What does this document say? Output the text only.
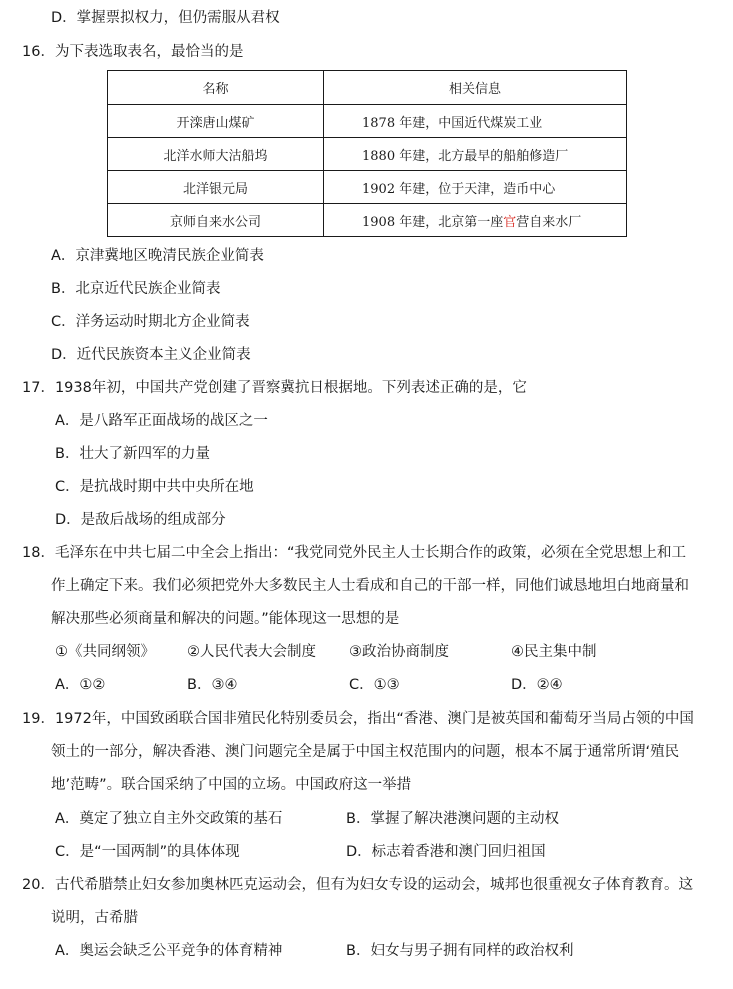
D．掌握票拟权力，但仍需服从君权
16．为下表选取表名，最恰当的是
名称	相关信息
开滦唐山煤矿	1878 年建，中国近代煤炭工业
北洋水师大沽船坞	1880 年建，北方最早的船舶修造厂
北洋银元局	1902 年建，位于天津，造币中心
京师自来水公司	1908 年建，北京第一座官营自来水厂
A．京津冀地区晚清民族企业简表
B．北京近代民族企业简表
C．洋务运动时期北方企业简表
D．近代民族资本主义企业简表
17．1938年初，中国共产党创建了晋察冀抗日根据地。下列表述正确的是，它
A．是八路军正面战场的战区之一
B．壮大了新四军的力量
C．是抗战时期中共中央所在地
D．是敌后战场的组成部分
18．毛泽东在中共七届二中全会上指出：“我党同党外民主人士长期合作的政策，必须在全党思想上和工
作上确定下来。我们必须把党外大多数民主人士看成和自己的干部一样，同他们诚恳地坦白地商量和
解决那些必须商量和解决的问题。”能体现这一思想的是
①《共同纲领》 ②人民代表大会制度 ③政治协商制度	④民主集中制
A．①②	B．③④	C．①③	D．②④
19．1972年，中国致函联合国非殖民化特别委员会，指出“香港、澳门是被英国和葡萄牙当局占领的中国
领土的一部分，解决香港、澳门问题完全是属于中国主权范围内的问题，根本不属于通常所谓‘殖民
地’范畴”。联合国采纳了中国的立场。中国政府这一举措
A．奠定了独立自主外交政策的基石	B．掌握了解决港澳问题的主动权
C．是“一国两制”的具体体现	D．标志着香港和澳门回归祖国
20．古代希腊禁止妇女参加奥林匹克运动会，但有为妇女专设的运动会，城邦也很重视女子体育教育。这
说明，古希腊
A．奥运会缺乏公平竞争的体育精神	B．妇女与男子拥有同样的政治权利
